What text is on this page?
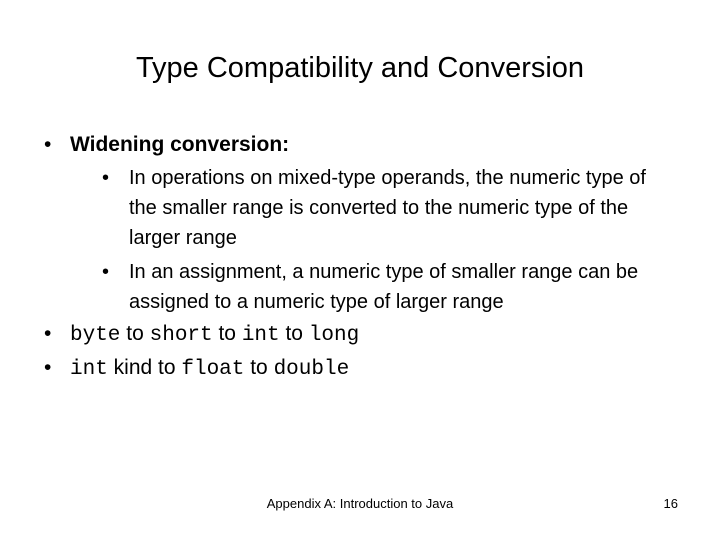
Type Compatibility and Conversion
• Widening conversion:
• In operations on mixed-type operands, the numeric type of the smaller range is converted to the numeric type of the larger range
• In an assignment, a numeric type of smaller range can be assigned to a numeric type of larger range
• byte to short to int to long
• int kind to float to double
Appendix A: Introduction to Java	16
